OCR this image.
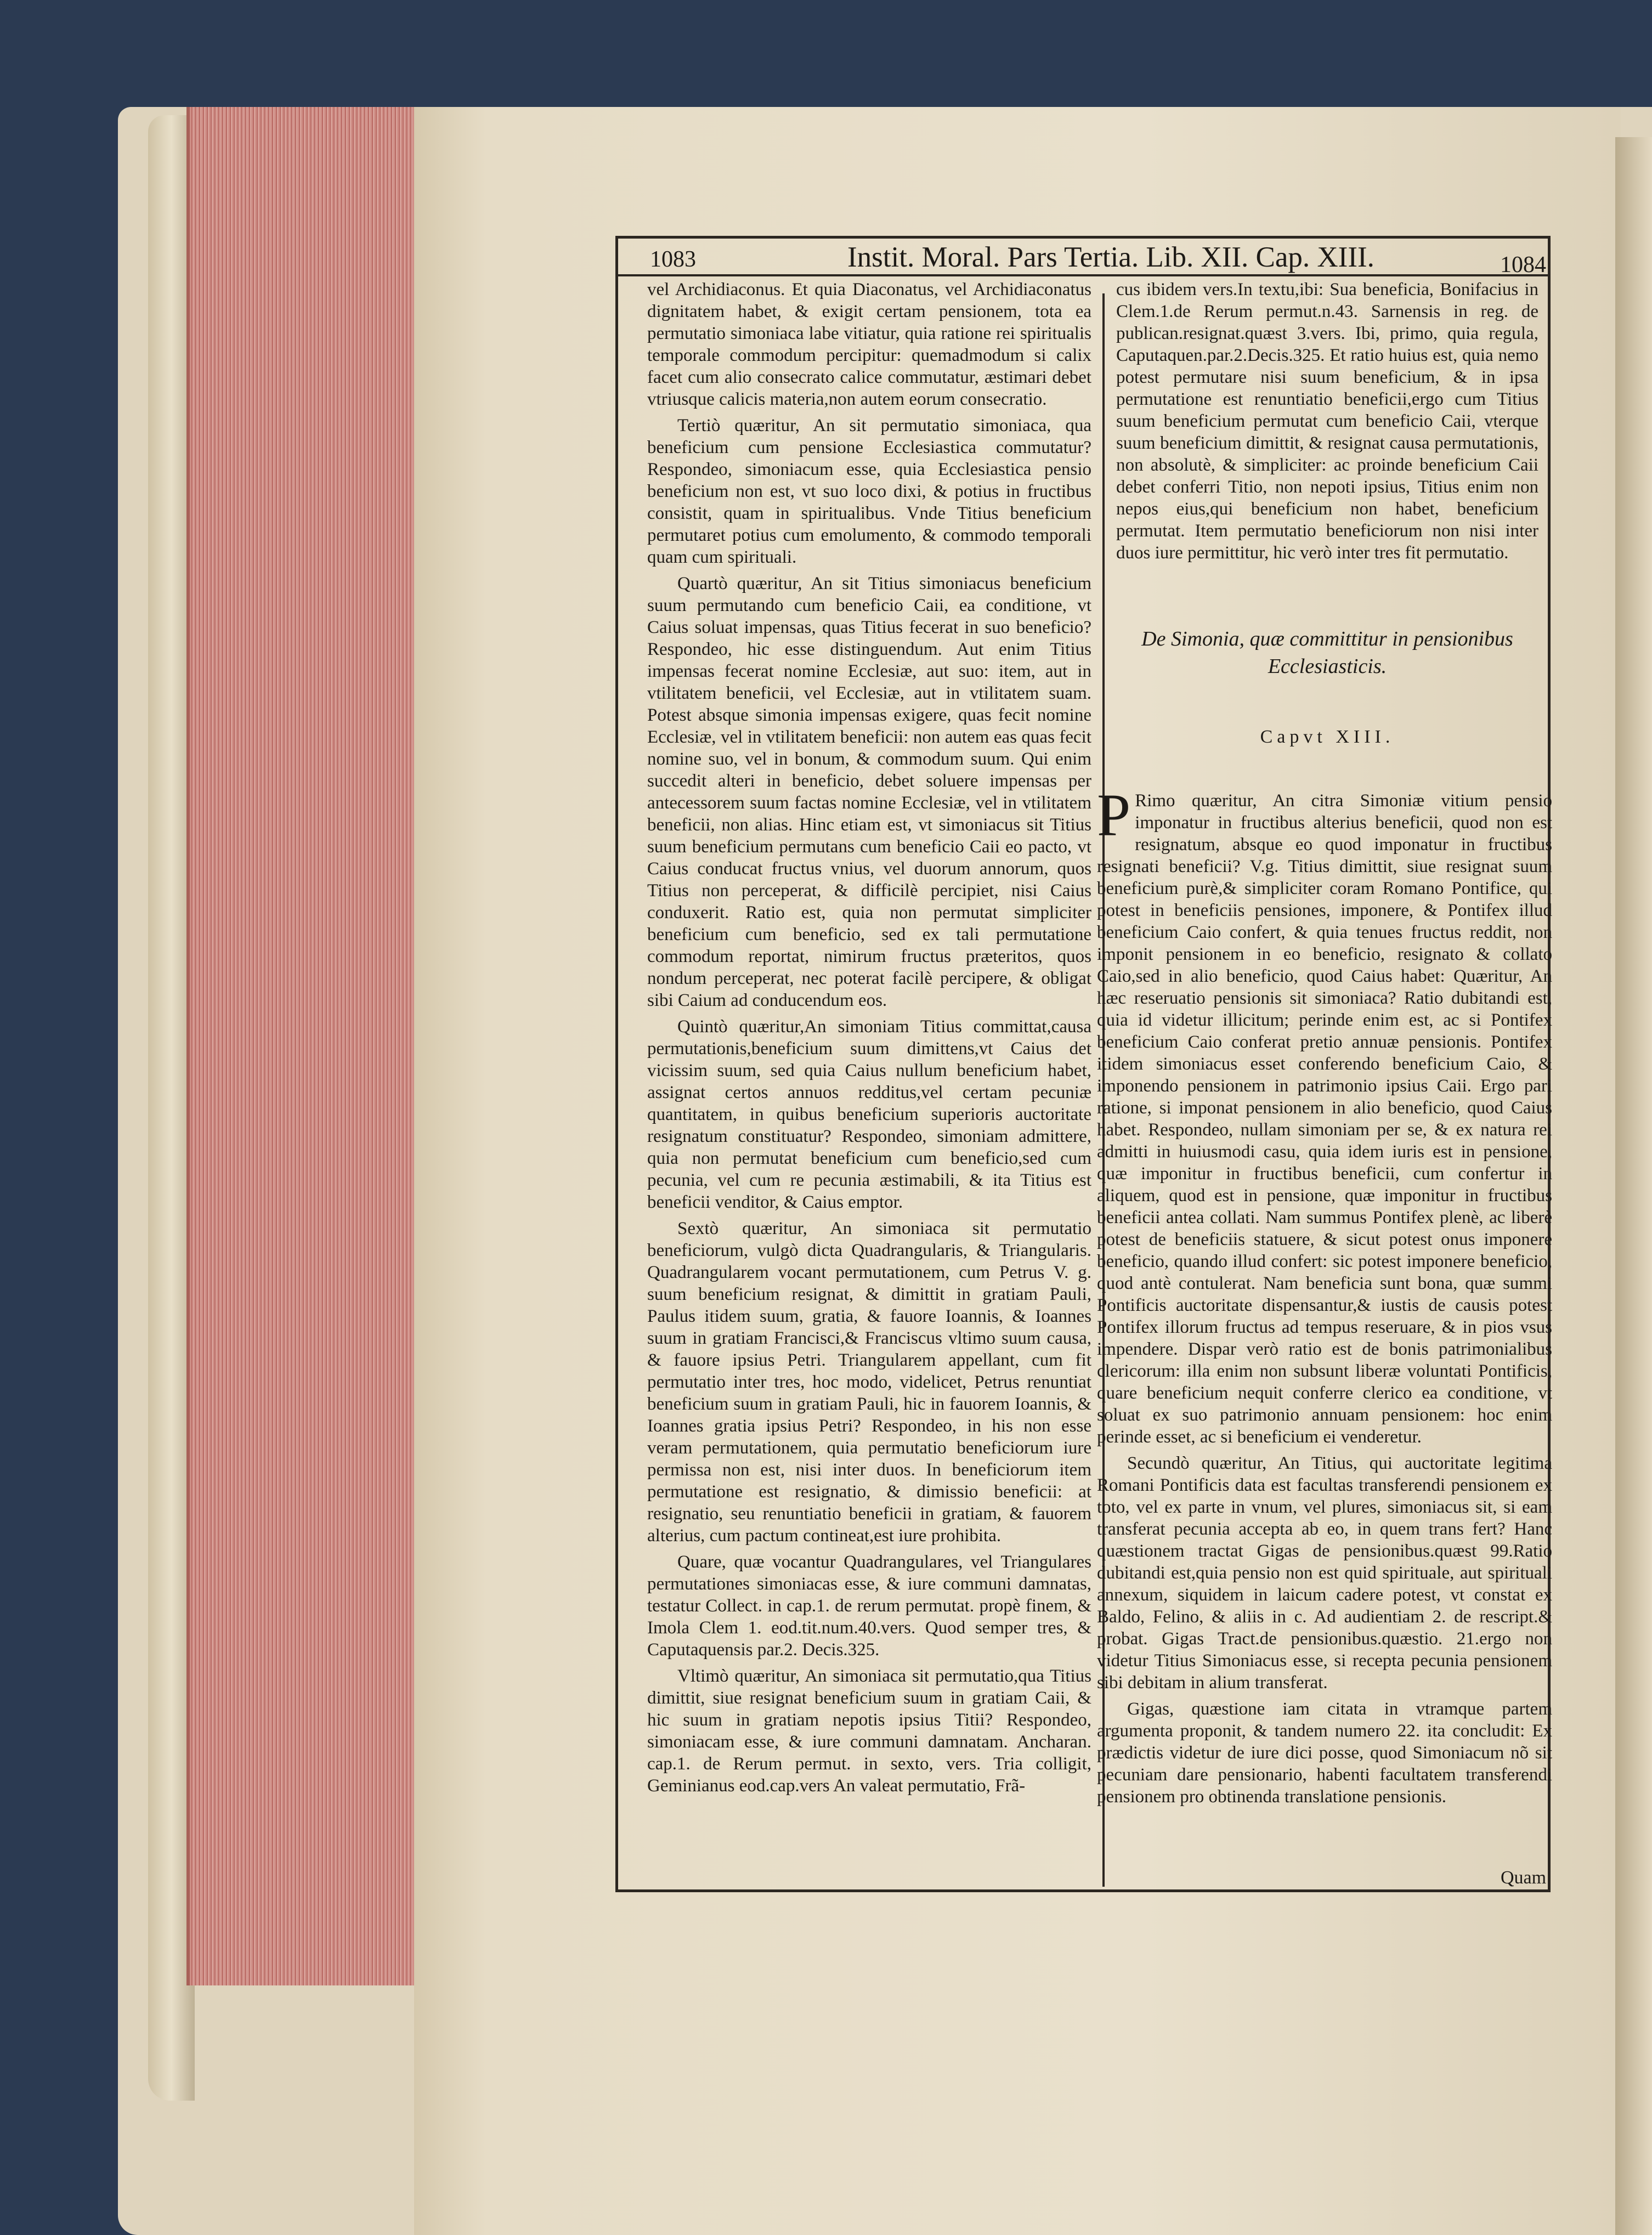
1083	Instit. Moral. Pars Tertia. Lib. XII. Cap. XIII.	1084

vel Archidiaconus. Et quia Diaconatus, vel Archidiaconatus dignitatem habet, & exigit certam pensionem, tota ea permutatio simoniaca labe vitiatur, quia ratione rei spiritualis temporale commodum percipitur: quemadmodum si calix facet cum alio consecrato calice commutatur, æstimari debet vtriusque calicis materia,non autem eorum consecratio.

Tertiò quæritur, An sit permutatio simoniaca, qua beneficium cum pensione Ecclesiastica commutatur? Respondeo, simoniacum esse, quia Ecclesiastica pensio beneficium non est, vt suo loco dixi, & potius in fructibus consistit, quam in spiritualibus. Vnde Titius beneficium permutaret potius cum emolumento, & commodo temporali quam cum spirituali.

Quartò quæritur, An sit Titius simoniacus beneficium suum permutando cum beneficio Caii, ea conditione, vt Caius soluat impensas, quas Titius fecerat in suo beneficio? Respondeo, hic esse distinguendum. Aut enim Titius impensas fecerat nomine Ecclesiæ, aut suo: item, aut in vtilitatem beneficii, vel Ecclesiæ, aut in vtilitatem suam. Potest absque simonia impensas exigere, quas fecit nomine Ecclesiæ, vel in vtilitatem beneficii: non autem eas quas fecit nomine suo, vel in bonum, & commodum suum. Qui enim succedit alteri in beneficio, debet soluere impensas per antecessorem suum factas nomine Ecclesiæ, vel in vtilitatem beneficii, non alias. Hinc etiam est, vt simoniacus sit Titius suum beneficium permutans cum beneficio Caii eo pacto, vt Caius conducat fructus vnius, vel duorum annorum, quos Titius non perceperat, & difficilè percipiet, nisi Caius conduxerit. Ratio est, quia non permutat simpliciter beneficium cum beneficio, sed ex tali permutatione commodum reportat, nimirum fructus præteritos, quos nondum perceperat, nec poterat facilè percipere, & obligat sibi Caium ad conducendum eos.

Quintò quæritur,An simoniam Titius committat,causa permutationis,beneficium suum dimittens,vt Caius det vicissim suum, sed quia Caius nullum beneficium habet, assignat certos annuos redditus,vel certam pecuniæ quantitatem, in quibus beneficium superioris auctoritate resignatum constituatur? Respondeo, simoniam admittere, quia non permutat beneficium cum beneficio,sed cum pecunia, vel cum re pecunia æstimabili, & ita Titius est beneficii venditor, & Caius emptor.

Sextò quæritur, An simoniaca sit permutatio beneficiorum, vulgò dicta Quadrangularis, & Triangularis. Quadrangularem vocant permutationem, cum Petrus V. g. suum beneficium resignat, & dimittit in gratiam Pauli, Paulus itidem suum, gratia, & fauore Ioannis, & Ioannes suum in gratiam Francisci,& Franciscus vltimo suum causa, & fauore ipsius Petri. Triangularem appellant, cum fit permutatio inter tres, hoc modo, videlicet, Petrus renuntiat beneficium suum in gratiam Pauli, hic in fauorem Ioannis, & Ioannes gratia ipsius Petri? Respondeo, in his non esse veram permutationem, quia permutatio beneficiorum iure permissa non est, nisi inter duos. In beneficiorum item permutatione est resignatio, & dimissio beneficii: at resignatio, seu renuntiatio beneficii in gratiam, & fauorem alterius, cum pactum contineat,est iure prohibita.

Quare, quæ vocantur Quadrangulares, vel Triangulares permutationes simoniacas esse, & iure communi damnatas, testatur Collect. in cap.1. de rerum permutat. propè finem, & Imola Clem 1. eod.tit.num.40.vers. Quod semper tres, & Caputaquensis par.2. Decis.325.

Vltimò quæritur, An simoniaca sit permutatio,qua Titius dimittit, siue resignat beneficium suum in gratiam Caii, & hic suum in gratiam nepotis ipsius Titii? Respondeo, simoniacam esse, & iure communi damnatam. Ancharan. cap.1. de Rerum permut. in sexto, vers. Tria colligit, Geminianus eod.cap.vers An valeat permutatio, Frã-

cus ibidem vers.In textu,ibi: Sua beneficia, Bonifacius in Clem.1.de Rerum permut.n.43. Sarnensis in reg. de publican.resignat.quæst 3.vers. Ibi, primo, quia regula, Caputaquen.par.2.Decis.325. Et ratio huius est, quia nemo potest permutare nisi suum beneficium, & in ipsa permutatione est renuntiatio beneficii,ergo cum Titius suum beneficium permutat cum beneficio Caii, vterque suum beneficium dimittit, & resignat causa permutationis, non absolutè, & simpliciter: ac proinde beneficium Caii debet conferri Titio, non nepoti ipsius, Titius enim non nepos eius,qui beneficium non habet, beneficium permutat. Item permutatio beneficiorum non nisi inter duos iure permittitur, hic verò inter tres fit permutatio.

De Simonia, quæ committitur in pensionibus Ecclesiasticis.
Capvt XIII.

P Rimo quæritur, An citra Simoniæ vitium pensio imponatur in fructibus alterius beneficii, quod non est resignatum, absque eo quod imponatur in fructibus resignati beneficii? V.g. Titius dimittit, siue resignat suum beneficium purè,& simpliciter coram Romano Pontifice, qui potest in beneficiis pensiones, imponere, & Pontifex illud beneficium Caio confert, & quia tenues fructus reddit, non imponit pensionem in eo beneficio, resignato & collato Caio,sed in alio beneficio, quod Caius habet: Quæritur, An hæc reseruatio pensionis sit simoniaca? Ratio dubitandi est, quia id videtur illicitum; perinde enim est, ac si Pontifex beneficium Caio conferat pretio annuæ pensionis. Pontifex itidem simoniacus esset conferendo beneficium Caio, & imponendo pensionem in patrimonio ipsius Caii. Ergo pari ratione, si imponat pensionem in alio beneficio, quod Caius habet. Respondeo, nullam simoniam per se, & ex natura rei admitti in huiusmodi casu, quia idem iuris est in pensione, quæ imponitur in fructibus beneficii, cum confertur in aliquem, quod est in pensione, quæ imponitur in fructibus beneficii antea collati. Nam summus Pontifex plenè, ac liberè potest de beneficiis statuere, & sicut potest onus imponere beneficio, quando illud confert: sic potest imponere beneficio, quod antè contulerat. Nam beneficia sunt bona, quæ summi Pontificis auctoritate dispensantur,& iustis de causis potest Pontifex illorum fructus ad tempus reseruare, & in pios vsus impendere. Dispar verò ratio est de bonis patrimonialibus clericorum: illa enim non subsunt liberæ voluntati Pontificis, quare beneficium nequit conferre clerico ea conditione, vt soluat ex suo patrimonio annuam pensionem: hoc enim perinde esset, ac si beneficium ei venderetur.

Secundò quæritur, An Titius, qui auctoritate legitima Romani Pontificis data est facultas transferendi pensionem ex toto, vel ex parte in vnum, vel plures, simoniacus sit, si eam transferat pecunia accepta ab eo, in quem trans fert? Hanc quæstionem tractat Gigas de pensionibus.quæst 99.Ratio dubitandi est,quia pensio non est quid spirituale, aut spirituali annexum, siquidem in laicum cadere potest, vt constat ex Baldo, Felino, & aliis in c. Ad audientiam 2. de rescript.& probat. Gigas Tract.de pensionibus.quæstio. 21.ergo non videtur Titius Simoniacus esse, si recepta pecunia pensionem sibi debitam in alium transferat.

Gigas, quæstione iam citata in vtramque partem argumenta proponit, & tandem numero 22. ita concludit: Ex prædictis videtur de iure dici posse, quod Simoniacum nõ sit pecuniam dare pensionario, habenti facultatem transferendi pensionem pro obtinenda translatione pensionis.

Quam
